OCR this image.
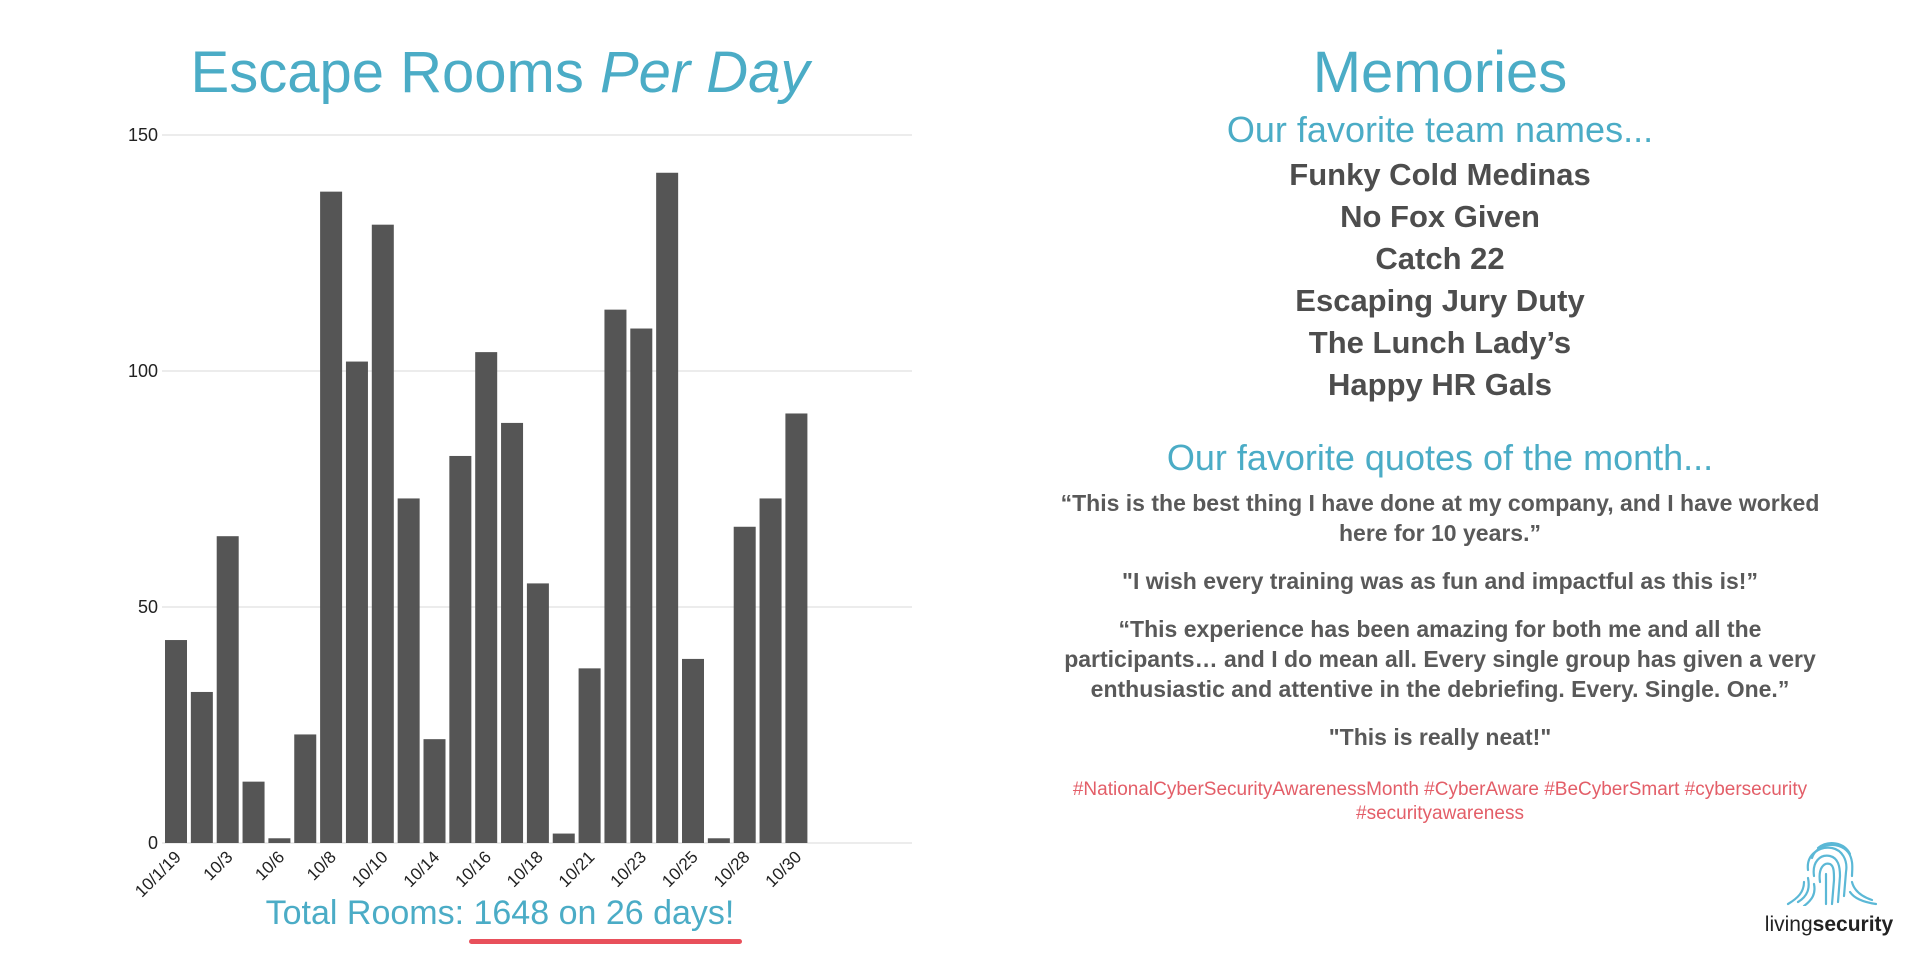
Escape Rooms Per Day
0
50
100
150
10/1/19 10/3 10/6 10/8 10/10 10/14 10/16 10/18 10/21 10/23 10/25 10/28 10/30
Total Rooms: 1648 on 26 days!
Memories
Our favorite team names...
Funky Cold Medinas
No Fox Given
Catch 22
Escaping Jury Duty
The Lunch Lady’s
Happy HR Gals
Our favorite quotes of the month...
“This is the best thing I have done at my company, and I have worked here for 10 years.”
"I wish every training was as fun and impactful as this is!”
“This experience has been amazing for both me and all the participants… and I do mean all. Every single group has given a very enthusiastic and attentive in the debriefing. Every. Single. One.”
"This is really neat!"
#NationalCyberSecurityAwarenessMonth #CyberAware #BeCyberSmart #cybersecurity #securityawareness
livingsecurity
